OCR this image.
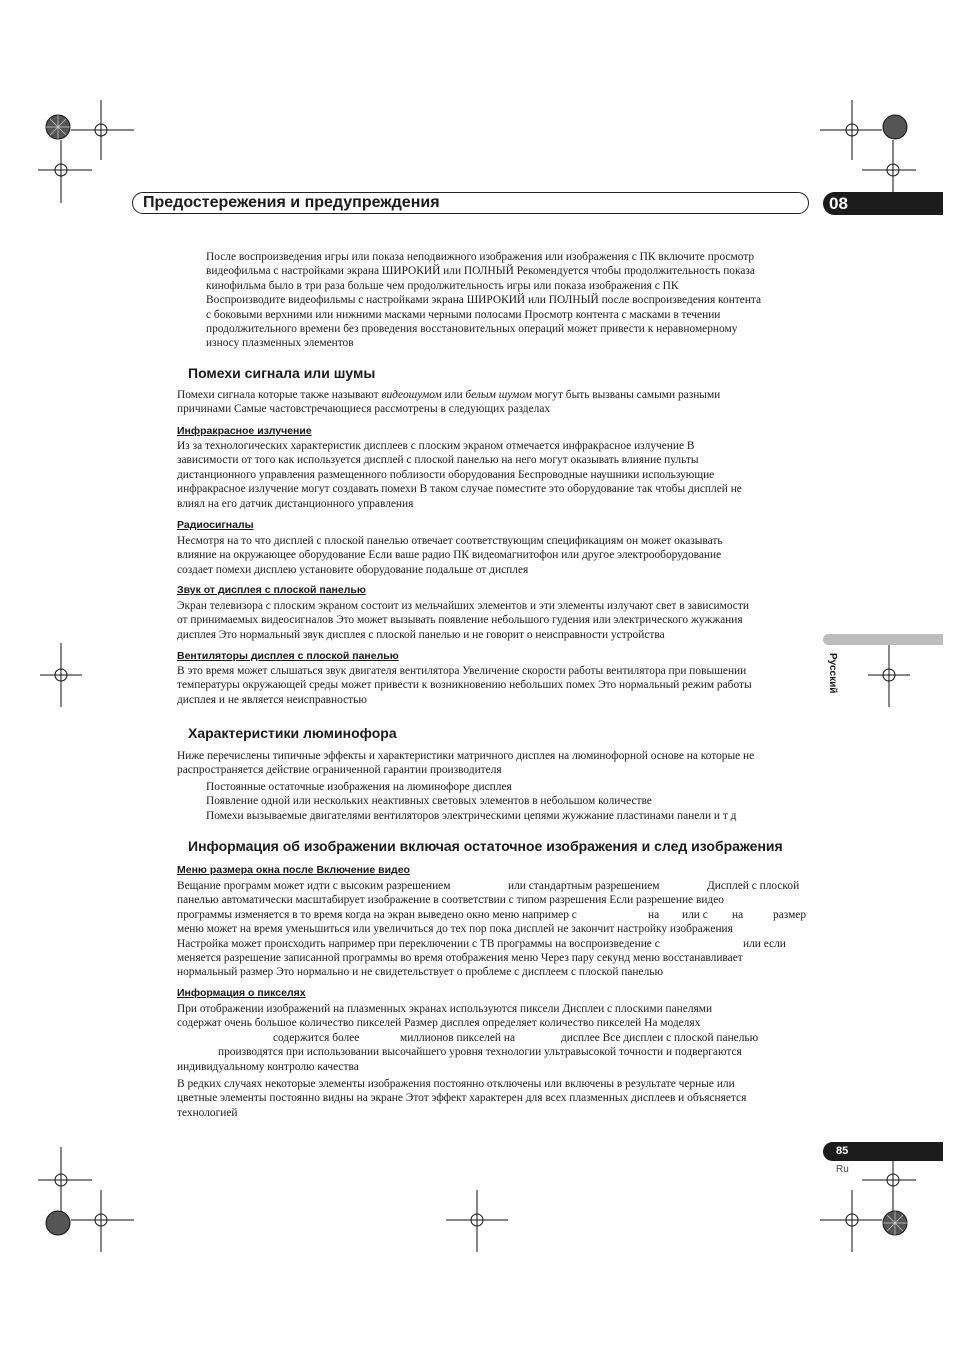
Предостережения и предупреждения	08
Русский
После воспроизведения игры или показа неподвижного изображения или изображения с ПК включите просмотр
видеофильма с настройками экрана ШИРОКИЙ или ПОЛНЫЙ Рекомендуется чтобы продолжительность показа
кинофильма было в три раза больше чем продолжительность игры или показа изображения с ПК
Воспроизводите видеофильмы с настройками экрана ШИРОКИЙ или ПОЛНЫЙ после воспроизведения контента
с боковыми верхними или нижними масками черными полосами Просмотр контента с масками в течении
продолжительного времени без проведения восстановительных операций может привести к неравномерному
износу плазменных элементов
Помехи сигнала или шумы
Помехи сигнала которые также называют видеошумом или белым шумом могут быть вызваны самыми разными
причинами Самые частовстречающиеся рассмотрены в следующих разделах
Инфракрасное излучение
Из за технологических характеристик дисплеев с плоским экраном отмечается инфракрасное излучение В
зависимости от того как используется дисплей с плоской панелью на него могут оказывать влияние пульты
дистанционного управления размещенного поблизости оборудования Беспроводные наушники использующие
инфракрасное излучение могут создавать помехи В таком случае поместите это оборудование так чтобы дисплей не
влиял на его датчик дистанционного управления
Радиосигналы
Несмотря на то что дисплей с плоской панелью отвечает соответствующим спецификациям он может оказывать
влияние на окружающее оборудование Если ваше радио ПК видеомагнитофон или другое электрооборудование
создает помехи дисплею установите оборудование подальше от дисплея
Звук от дисплея с плоской панелью
Экран телевизора с плоским экраном состоит из мельчайших элементов и эти элементы излучают свет в зависимости
от принимаемых видеосигналов Это может вызывать появление небольшого гудения или электрического жужжания
дисплея Это нормальный звук дисплея с плоской панелью и не говорит о неисправности устройства
Вентиляторы дисплея с плоской панелью
В это время может слышаться звук двигателя вентилятора Увеличение скорости работы вентилятора при повышении
температуры окружающей среды может привести к возникновению небольших помех Это нормальный режим работы
дисплея и не является неисправностью
Характеристики люминофора
Ниже перечислены типичные эффекты и характеристики матричного дисплея на люминофорной основе на которые не
распространяется действие ограниченной гарантии производителя
Постоянные остаточные изображения на люминофоре дисплея
Появление одной или нескольких неактивных световых элементов в небольшом количестве
Помехи вызываемые двигателями вентиляторов электрическими цепями жужжание пластинами панели и т д
Информация об изображении включая остаточное изображения и след изображения
Меню размера окна после Включение видео
Вещание программ может идти с высоким разрешением	или стандартным разрешением	Дисплей с плоской
панелью автоматически масштабирует изображение в соответствии с типом разрешения Если разрешение видео
программы изменяется в то время когда на экран выведено окно меню например с	на или с на	размер
меню может на время уменьшиться или увеличиться до тех пор пока дисплей не закончит настройку изображения
Настройка может происходить например при переключении с ТВ программы на воспроизведение с	или если
меняется разрешение записанной программы во время отображения меню Через пару секунд меню восстанавливает
нормальный размер Это нормально и не свидетельствует о проблеме с дисплеем с плоской панелью
Информация о пикселях
При отображении изображений на плазменных экранах используются пиксели Дисплеи с плоскими панелями
содержат очень большое количество пикселей Размер дисплея определяет количество пикселей На моделях
содержится более	миллионов пикселей на	дисплее Все дисплеи с плоской панелью
производятся при использовании высочайшего уровня технологии ультравысокой точности и подвергаются
индивидуальному контролю качества
В редких случаях некоторые элементы изображения постоянно отключены или включены в результате черные или
цветные элементы постоянно видны на экране Этот эффект характерен для всех плазменных дисплеев и объясняется
технологией
85
Ru
